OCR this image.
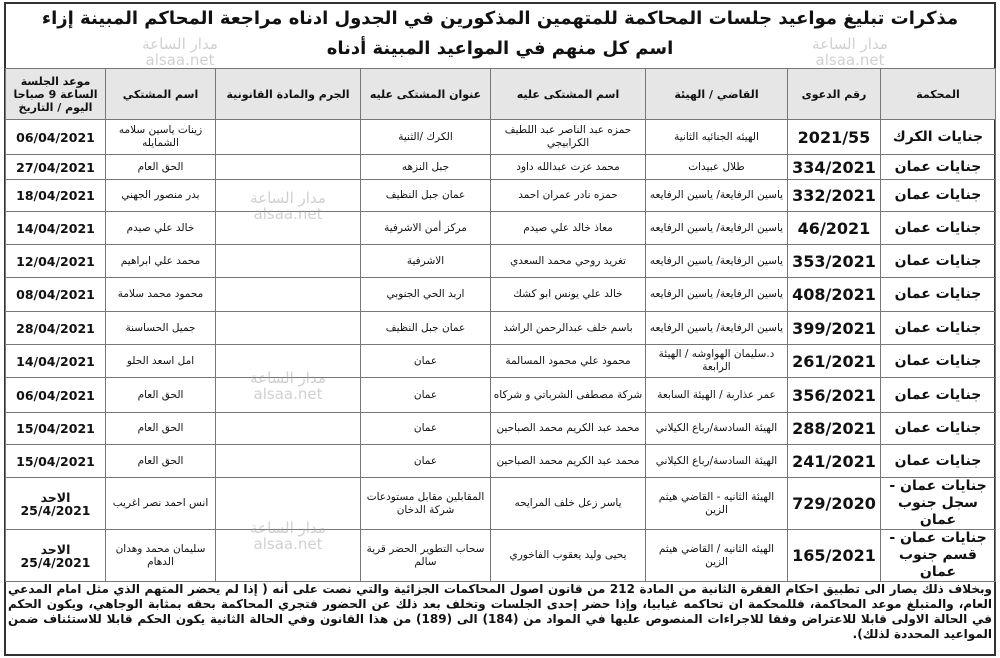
مذكرات تبليغ مواعيد جلسات المحاكمة للمتهمين المذكورين في الجدول ادناه مراجعة المحاكم المبينة إزاء
اسم كل منهم في المواعيد المبينة أدناه
المحكمة	رقم الدعوى	القاضي / الهيئة	اسم المشتكى عليه	عنوان المشتكى عليه	الجرم والمادة القانونية	اسم المشتكي	موعد الجلسة الساعة 9 صباحا اليوم / التاريخ
جنايات الكرك	2021/55	الهيئه الجنائيه الثانية	حمزه عبد الناصر عبد اللطيف الكرابيجي	الكرك /الثنية		زينات ياسين سلامه الشمايله	06/04/2021
جنايات عمان	334/2021	طلال عبيدات	محمد عزت عبدالله داود	جبل النزهه		الحق العام	27/04/2021
جنايات عمان	332/2021	ياسين الرفايعة/ ياسين الرفايعه	حمزه نادر عمران احمد	عمان جبل النظيف		بدر منصور الجهني	18/04/2021
جنايات عمان	46/2021	ياسين الرفايعة/ ياسين الرفايعه	معاذ خالد علي صيدم	مركز أمن الاشرفية		خالد علي صيدم	14/04/2021
جنايات عمان	353/2021	ياسين الرفايعة/ ياسين الرفايعه	تغريد روحي محمد السعدي	الاشرفية		محمد علي ابراهيم	12/04/2021
جنايات عمان	408/2021	ياسين الرفايعة/ ياسين الرفايعه	خالد علي يونس ابو كشك	اربد الحي الجنوبي		محمود محمد سلامة	08/04/2021
جنايات عمان	399/2021	ياسين الرفايعة/ ياسين الرفايعه	باسم خلف عبدالرحمن الراشد	عمان جبل النظيف		جميل الحساسنة	28/04/2021
جنايات عمان	261/2021	د.سليمان الهواوشه / الهيئة الرابعة	محمود علي محمود المسالمة	عمان		امل اسعد الحلو	14/04/2021
جنايات عمان	356/2021	عمر عذاربة / الهيئة السابعة	شركة مصطفى الشرباتي و شركاه	عمان		الحق العام	06/04/2021
جنايات عمان	288/2021	الهيئة السادسة/رباع الكيلاني	محمد عبد الكريم محمد الصباحين	عمان		الحق العام	15/04/2021
جنايات عمان	241/2021	الهيئة السادسة/رباع الكيلاني	محمد عبد الكريم محمد الصباحين	عمان		الحق العام	15/04/2021
جنايات عمان - سجل جنوب عمان	729/2020	الهيئة الثانيه - القاضي هيثم الزين	ياسر زعل خلف المرايحه	المقابلين مقابل مستودعات شركة الدخان		انس احمد نصر اغريب	الاحد 25/4/2021
جنايات عمان - قسم جنوب عمان	165/2021	الهيئه الثانيه / القاضي هيثم الزين	يحيى وليد يعقوب الفاخوري	سحاب التطوير الحضر قرية سالم		سليمان محمد وهدان الدهام	الاحد 25/4/2021
وبخلاف ذلك يصار الى تطبيق احكام الفقرة الثانية من المادة 212 من قانون اصول المحاكمات الجزائية والتي نصت على أنه ( إذا لم يحضر المتهم الذي مثل امام المدعي العام، والمتبلغ موعد المحاكمة، فللمحكمة ان تحاكمه غيابيا، وإذا حضر إحدى الجلسات وتخلف بعد ذلك عن الحضور فتجري المحاكمة بحقه بمثابة الوجاهي، ويكون الحكم في الحالة الاولى قابلا للاعتراض وفقا للاجراءات المنصوص عليها في المواد من (184) الى (189) من هذا القانون وفي الحالة الثانية يكون الحكم قابلا للاستئناف ضمن المواعيد المحددة لذلك).
مدار الساعة
alsaa.net
مدار الساعة
alsaa.net
مدار الساعة
alsaa.net
مدار الساعة
alsaa.net
مدار الساعة
alsaa.net
